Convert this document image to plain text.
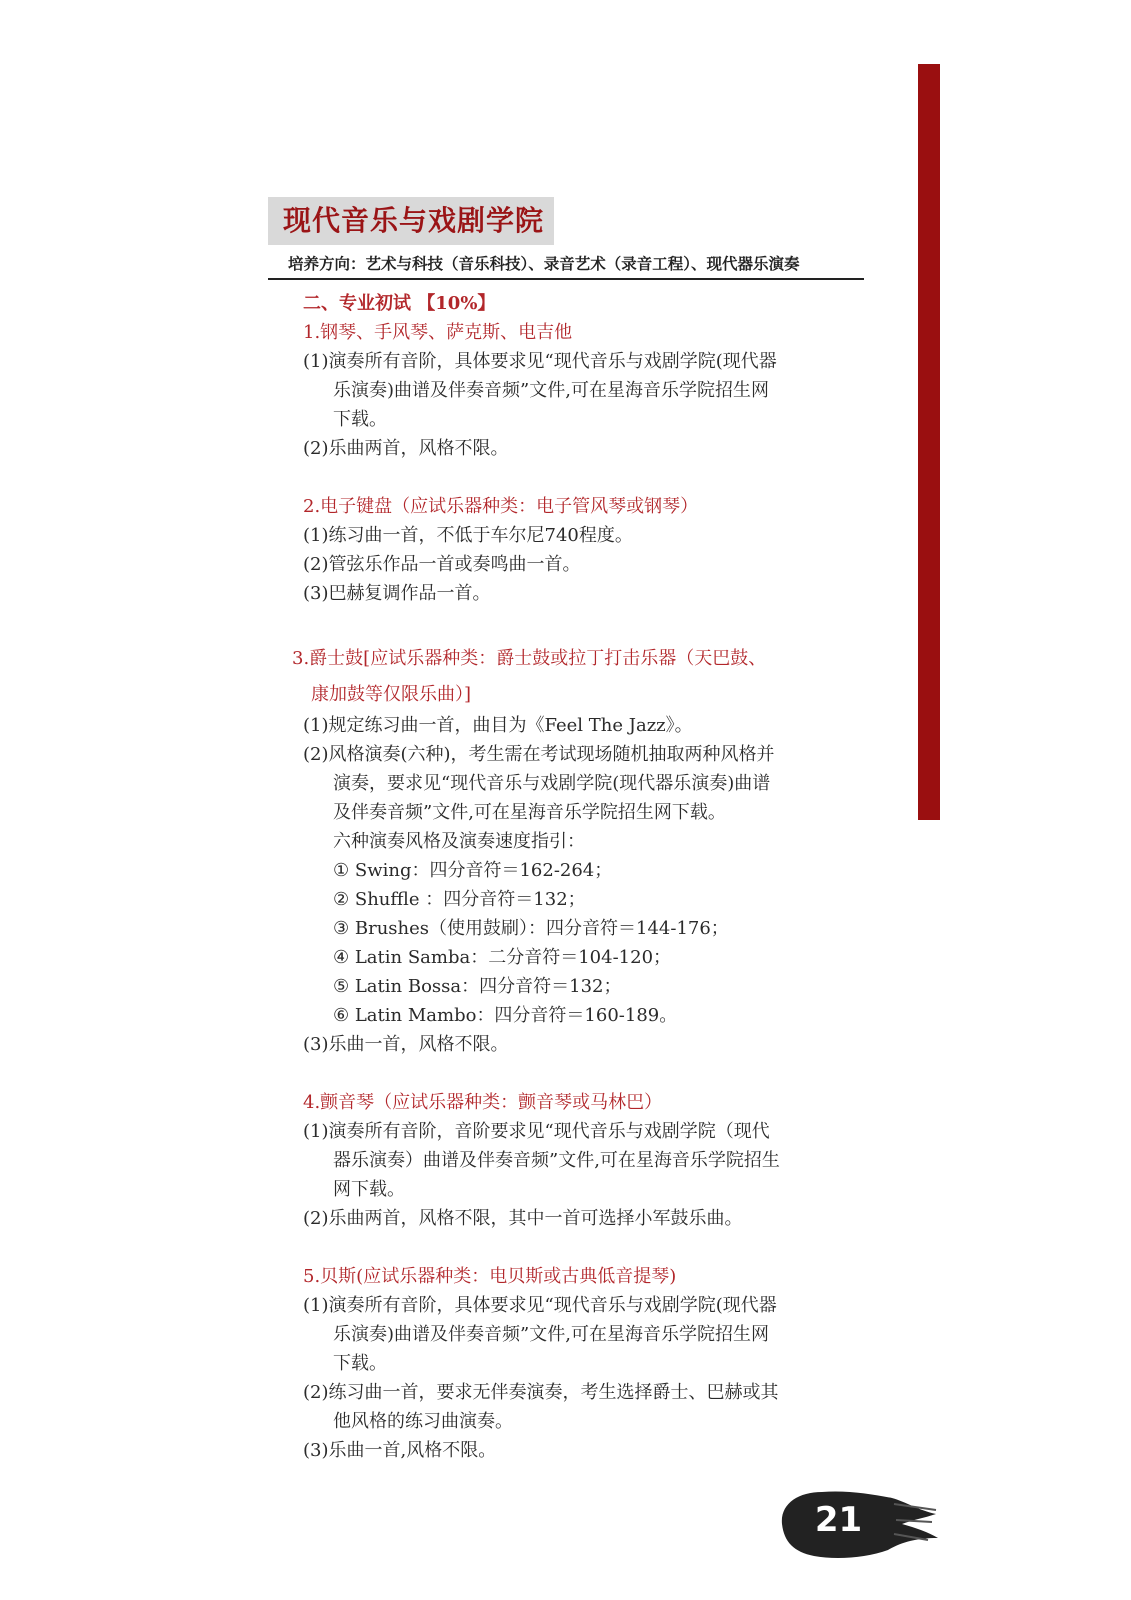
现代音乐与戏剧学院
培养方向：艺术与科技（音乐科技）、录音艺术（录音工程）、现代器乐演奏
二、专业初试 【10%】
1.钢琴、手风琴、萨克斯、电吉他
(1)演奏所有音阶，具体要求见“现代音乐与戏剧学院(现代器
乐演奏)曲谱及伴奏音频”文件,可在星海音乐学院招生网
下载。
(2)乐曲两首，风格不限。
2.电子键盘（应试乐器种类：电子管风琴或钢琴）
(1)练习曲一首，不低于车尔尼740程度。
(2)管弦乐作品一首或奏鸣曲一首。
(3)巴赫复调作品一首。
3.爵士鼓[应试乐器种类：爵士鼓或拉丁打击乐器（天巴鼓、
康加鼓等仅限乐曲）]
(1)规定练习曲一首，曲目为《Feel The Jazz》。
(2)风格演奏(六种)，考生需在考试现场随机抽取两种风格并
演奏，要求见“现代音乐与戏剧学院(现代器乐演奏)曲谱
及伴奏音频”文件,可在星海音乐学院招生网下载。
六种演奏风格及演奏速度指引：
① Swing：四分音符＝162-264；
② Shuffle ：四分音符＝132；
③ Brushes（使用鼓刷）：四分音符＝144-176；
④ Latin Samba：二分音符＝104-120；
⑤ Latin Bossa：四分音符＝132；
⑥ Latin Mambo：四分音符＝160-189。
(3)乐曲一首，风格不限。
4.颤音琴（应试乐器种类：颤音琴或马林巴）
(1)演奏所有音阶，音阶要求见“现代音乐与戏剧学院（现代
器乐演奏）曲谱及伴奏音频”文件,可在星海音乐学院招生
网下载。
(2)乐曲两首，风格不限，其中一首可选择小军鼓乐曲。
5.贝斯(应试乐器种类：电贝斯或古典低音提琴)
(1)演奏所有音阶，具体要求见“现代音乐与戏剧学院(现代器
乐演奏)曲谱及伴奏音频”文件,可在星海音乐学院招生网
下载。
(2)练习曲一首，要求无伴奏演奏，考生选择爵士、巴赫或其
他风格的练习曲演奏。
(3)乐曲一首,风格不限。
21
